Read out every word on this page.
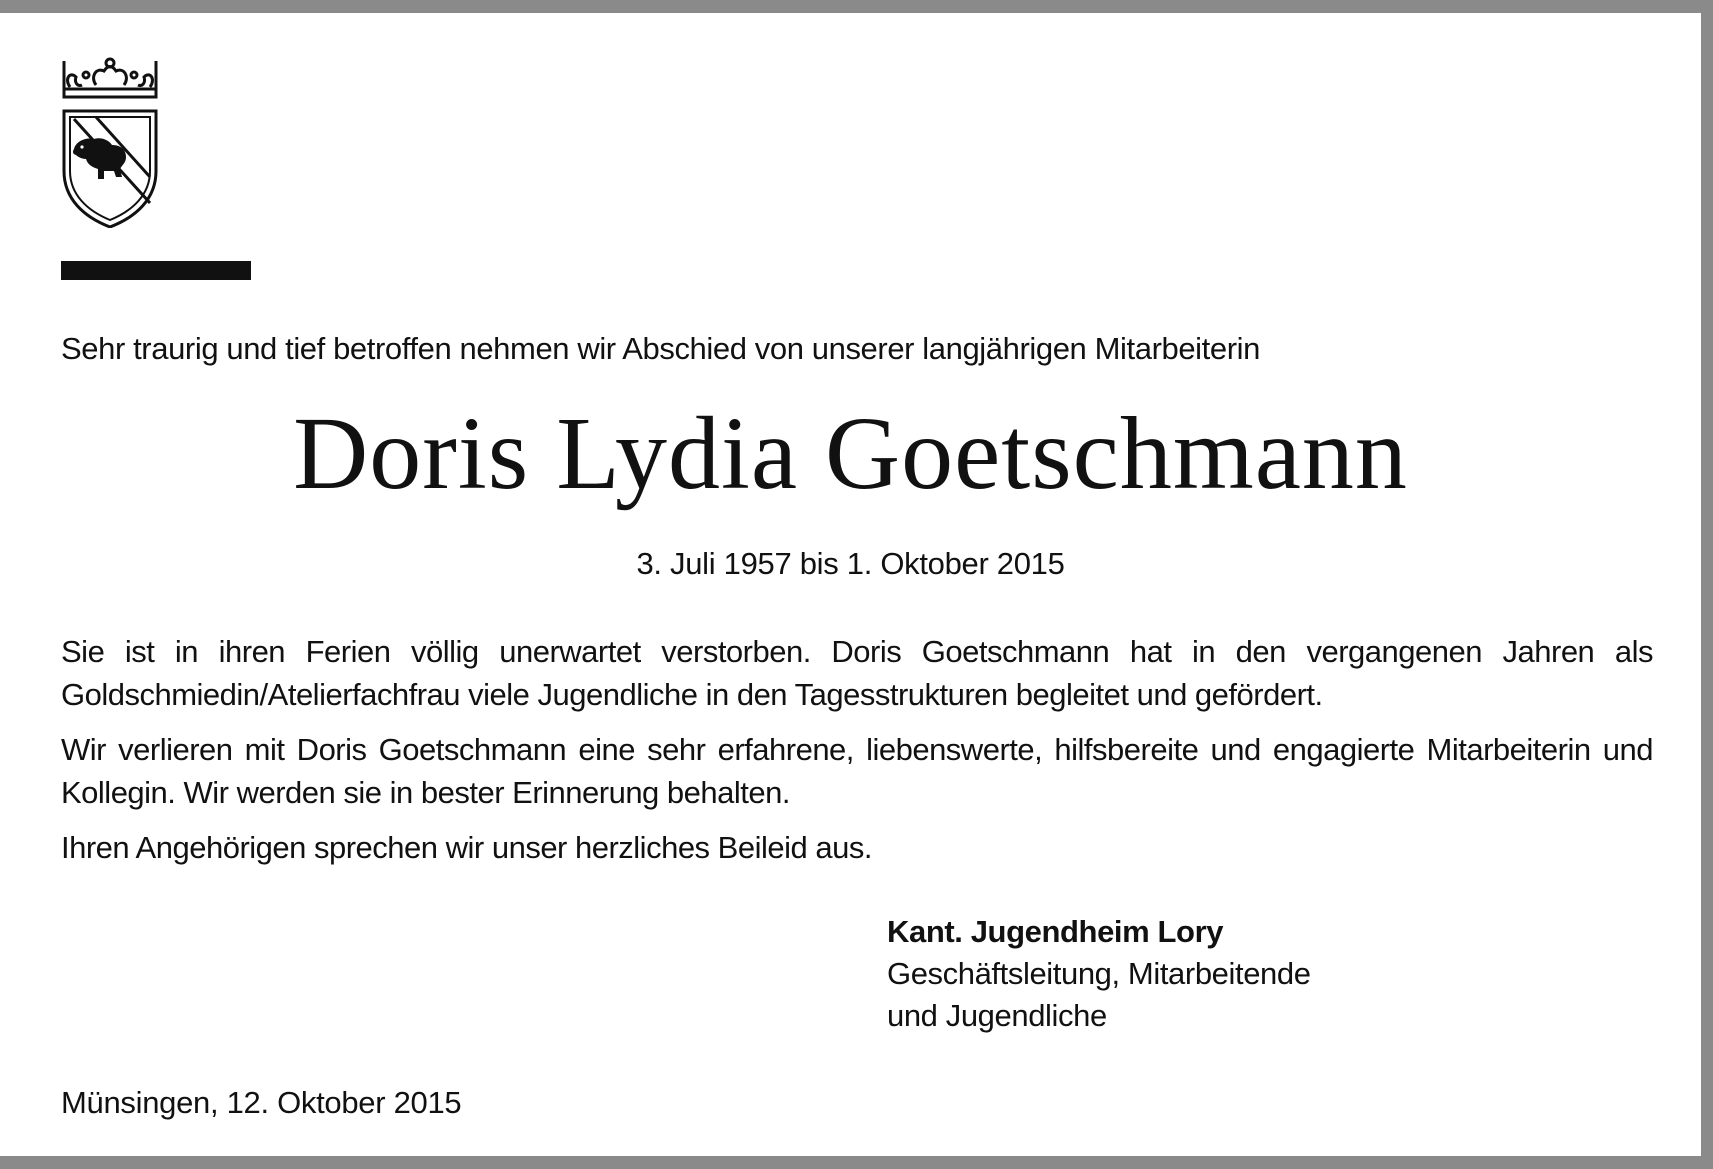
Sehr traurig und tief betroffen nehmen wir Abschied von unserer langjährigen Mitarbeiterin
Doris Lydia Goetschmann
3. Juli 1957 bis 1. Oktober 2015
Sie ist in ihren Ferien völlig unerwartet verstorben. Doris Goetschmann hat in den vergangenen Jahren als Goldschmiedin/Atelierfachfrau viele Jugendliche in den Tagesstrukturen begleitet und gefördert.
Wir verlieren mit Doris Goetschmann eine sehr erfahrene, liebenswerte, hilfsbereite und engagierte Mitarbeiterin und Kollegin. Wir werden sie in bester Erinnerung behalten.
Ihren Angehörigen sprechen wir unser herzliches Beileid aus.
Kant. Jugendheim Lory
Geschäftsleitung, Mitarbeitende
und Jugendliche
Münsingen, 12. Oktober 2015
